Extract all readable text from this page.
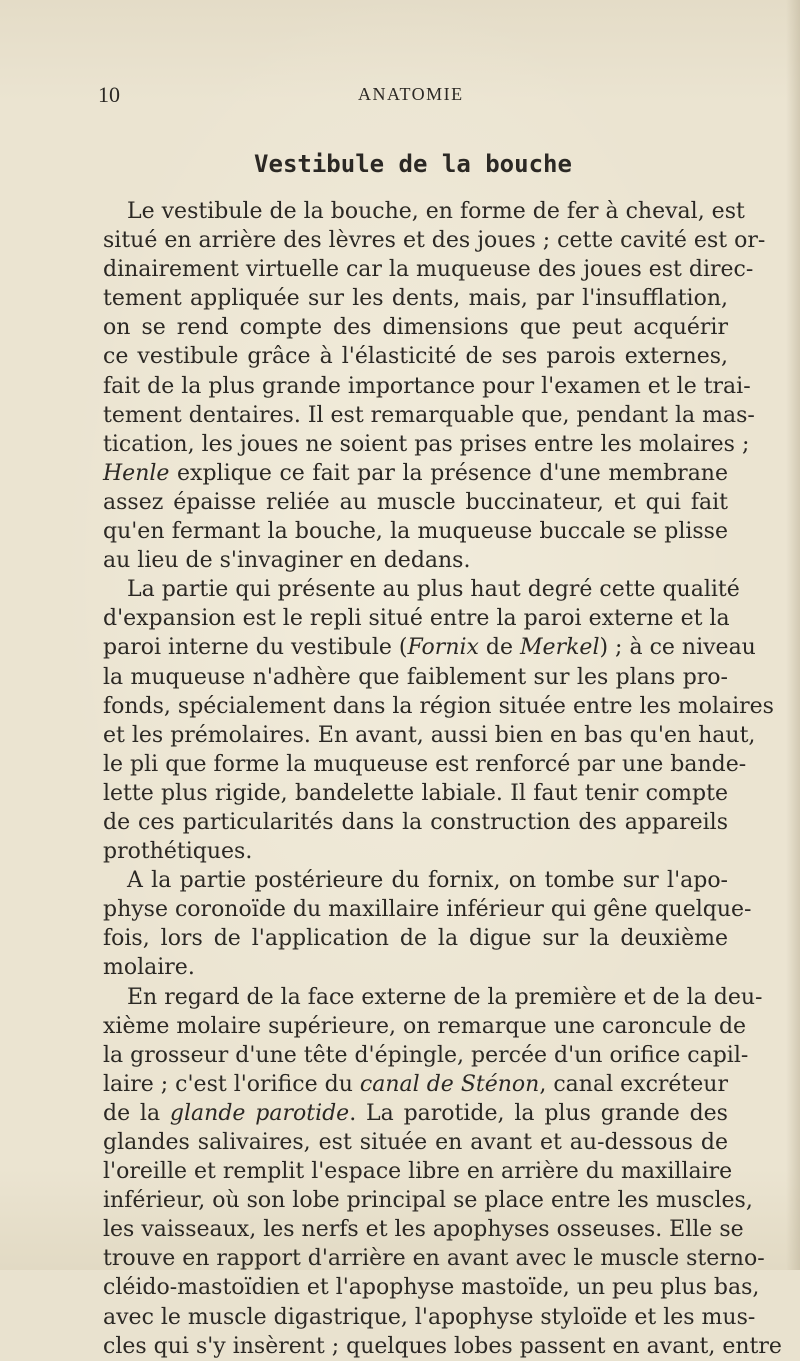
10	ANATOMIE
Vestibule de la bouche
Le vestibule de la bouche, en forme de fer à cheval, est
situé en arrière des lèvres et des joues ; cette cavité est or-
dinairement virtuelle car la muqueuse des joues est direc-
tement appliquée sur les dents, mais, par l'insufflation,
on se rend compte des dimensions que peut acquérir
ce vestibule grâce à l'élasticité de ses parois externes,
fait de la plus grande importance pour l'examen et le trai-
tement dentaires. Il est remarquable que, pendant la mas-
tication, les joues ne soient pas prises entre les molaires ;
Henle explique ce fait par la présence d'une membrane
assez épaisse reliée au muscle buccinateur, et qui fait
qu'en fermant la bouche, la muqueuse buccale se plisse
au lieu de s'invaginer en dedans.
La partie qui présente au plus haut degré cette qualité
d'expansion est le repli situé entre la paroi externe et la
paroi interne du vestibule (Fornix de Merkel) ; à ce niveau
la muqueuse n'adhère que faiblement sur les plans pro-
fonds, spécialement dans la région située entre les molaires
et les prémolaires. En avant, aussi bien en bas qu'en haut,
le pli que forme la muqueuse est renforcé par une bande-
lette plus rigide, bandelette labiale. Il faut tenir compte
de ces particularités dans la construction des appareils
prothétiques.
A la partie postérieure du fornix, on tombe sur l'apo-
physe coronoïde du maxillaire inférieur qui gêne quelque-
fois, lors de l'application de la digue sur la deuxième
molaire.
En regard de la face externe de la première et de la deu-
xième molaire supérieure, on remarque une caroncule de
la grosseur d'une tête d'épingle, percée d'un orifice capil-
laire ; c'est l'orifice du canal de Sténon, canal excréteur
de la glande parotide. La parotide, la plus grande des
glandes salivaires, est située en avant et au-dessous de
l'oreille et remplit l'espace libre en arrière du maxillaire
inférieur, où son lobe principal se place entre les muscles,
les vaisseaux, les nerfs et les apophyses osseuses. Elle se
trouve en rapport d'arrière en avant avec le muscle sterno-
cléido-mastoïdien et l'apophyse mastoïde, un peu plus bas,
avec le muscle digastrique, l'apophyse styloïde et les mus-
cles qui s'y insèrent ; quelques lobes passent en avant, entre
